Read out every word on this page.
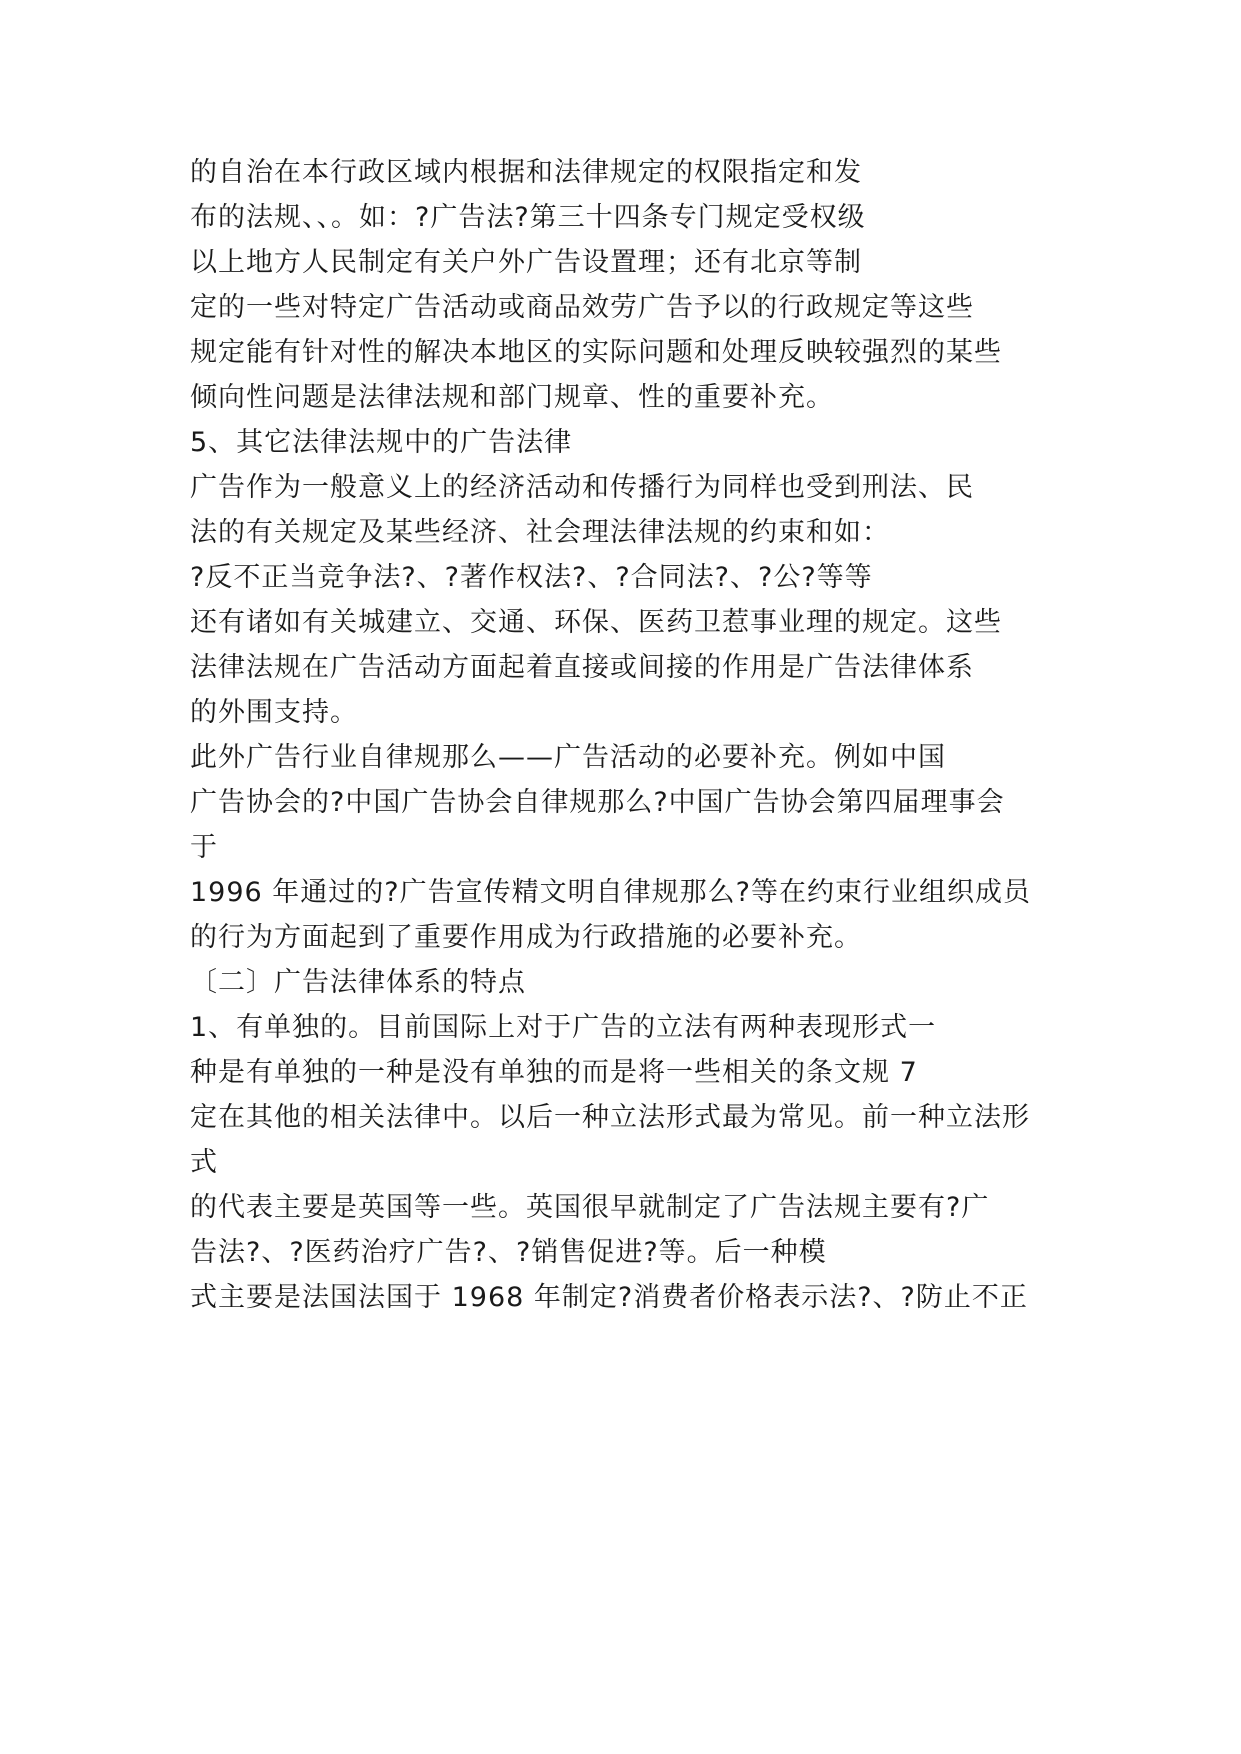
的自治在本行政区域内根据和法律规定的权限指定和发
布的法规、、。如：?广告法?第三十四条专门规定受权级
以上地方人民制定有关户外广告设置理；还有北京等制
定的一些对特定广告活动或商品效劳广告予以的行政规定等这些
规定能有针对性的解决本地区的实际问题和处理反映较强烈的某些
倾向性问题是法律法规和部门规章、性的重要补充。
5、其它法律法规中的广告法律
广告作为一般意义上的经济活动和传播行为同样也受到刑法、民
法的有关规定及某些经济、社会理法律法规的约束和如：
?反不正当竞争法?、?著作权法?、?合同法?、?公?等等
还有诸如有关城建立、交通、环保、医药卫惹事业理的规定。这些
法律法规在广告活动方面起着直接或间接的作用是广告法律体系
的外围支持。
此外广告行业自律规那么——广告活动的必要补充。例如中国
广告协会的?中国广告协会自律规那么?中国广告协会第四届理事会
于
1996 年通过的?广告宣传精文明自律规那么?等在约束行业组织成员
的行为方面起到了重要作用成为行政措施的必要补充。
〔二〕广告法律体系的特点
1、有单独的。目前国际上对于广告的立法有两种表现形式一
种是有单独的一种是没有单独的而是将一些相关的条文规 7
定在其他的相关法律中。以后一种立法形式最为常见。前一种立法形
式
的代表主要是英国等一些。英国很早就制定了广告法规主要有?广
告法?、?医药治疗广告?、?销售促进?等。后一种模
式主要是法国法国于 1968 年制定?消费者价格表示法?、?防止不正
